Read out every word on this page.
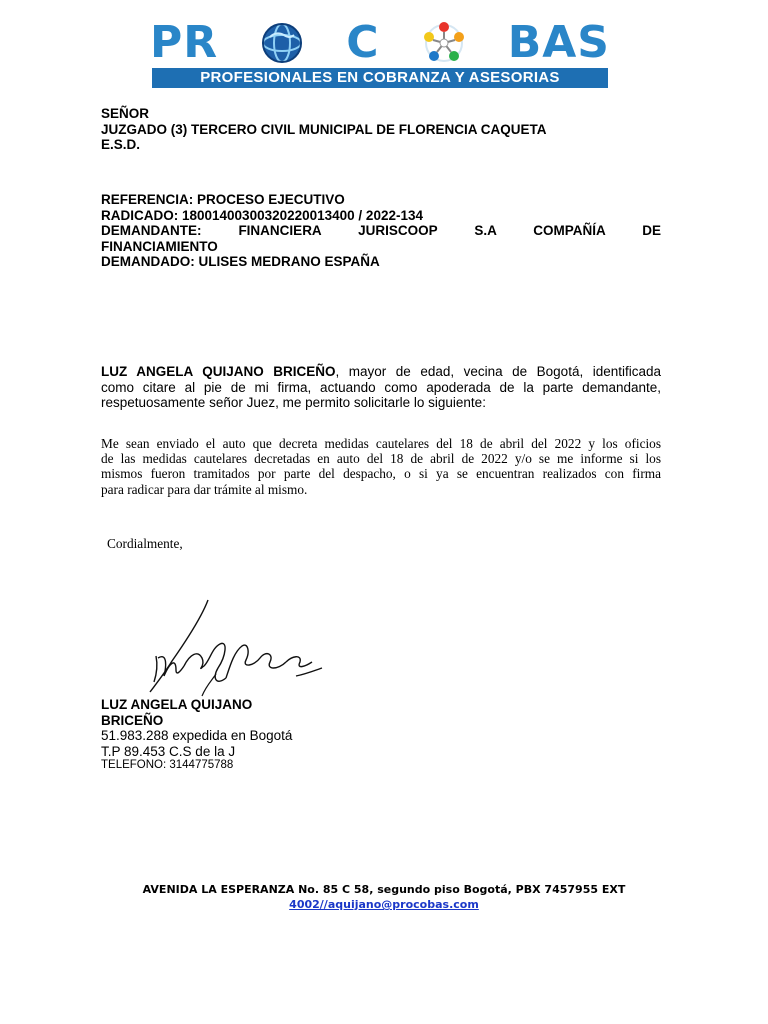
PR	C	BAS
PROFESIONALES EN COBRANZA Y ASESORIAS
SEÑOR
JUZGADO (3) TERCERO CIVIL MUNICIPAL DE FLORENCIA CAQUETA
E.S.D.
REFERENCIA: PROCESO EJECUTIVO
RADICADO: 18001400300320220013400 / 2022-134
DEMANDANTE:    FINANCIERA    JURISCOOP    S.A    COMPAÑÍA    DE
FINANCIAMIENTO
DEMANDADO: ULISES MEDRANO ESPAÑA
LUZ ANGELA QUIJANO BRICEÑO, mayor de edad, vecina de Bogotá, identificada
como citare al pie de mi firma, actuando como apoderada de la parte demandante,
respetuosamente señor Juez, me permito solicitarle lo siguiente:
Me sean enviado el auto que decreta medidas cautelares del 18 de abril del 2022 y los oficios
de las medidas cautelares decretadas en auto del 18 de abril de 2022 y/o se me informe si los
mismos fueron tramitados por parte del despacho, o si ya se encuentran realizados con firma
para radicar para dar trámite al mismo.
Cordialmente,
LUZ ANGELA QUIJANO
BRICEÑO
51.983.288 expedida en Bogotá
T.P 89.453 C.S de la J
TELEFONO: 3144775788
AVENIDA LA ESPERANZA No. 85 C 58, segundo piso Bogotá, PBX 7457955 EXT
4002//aquijano@procobas.com
